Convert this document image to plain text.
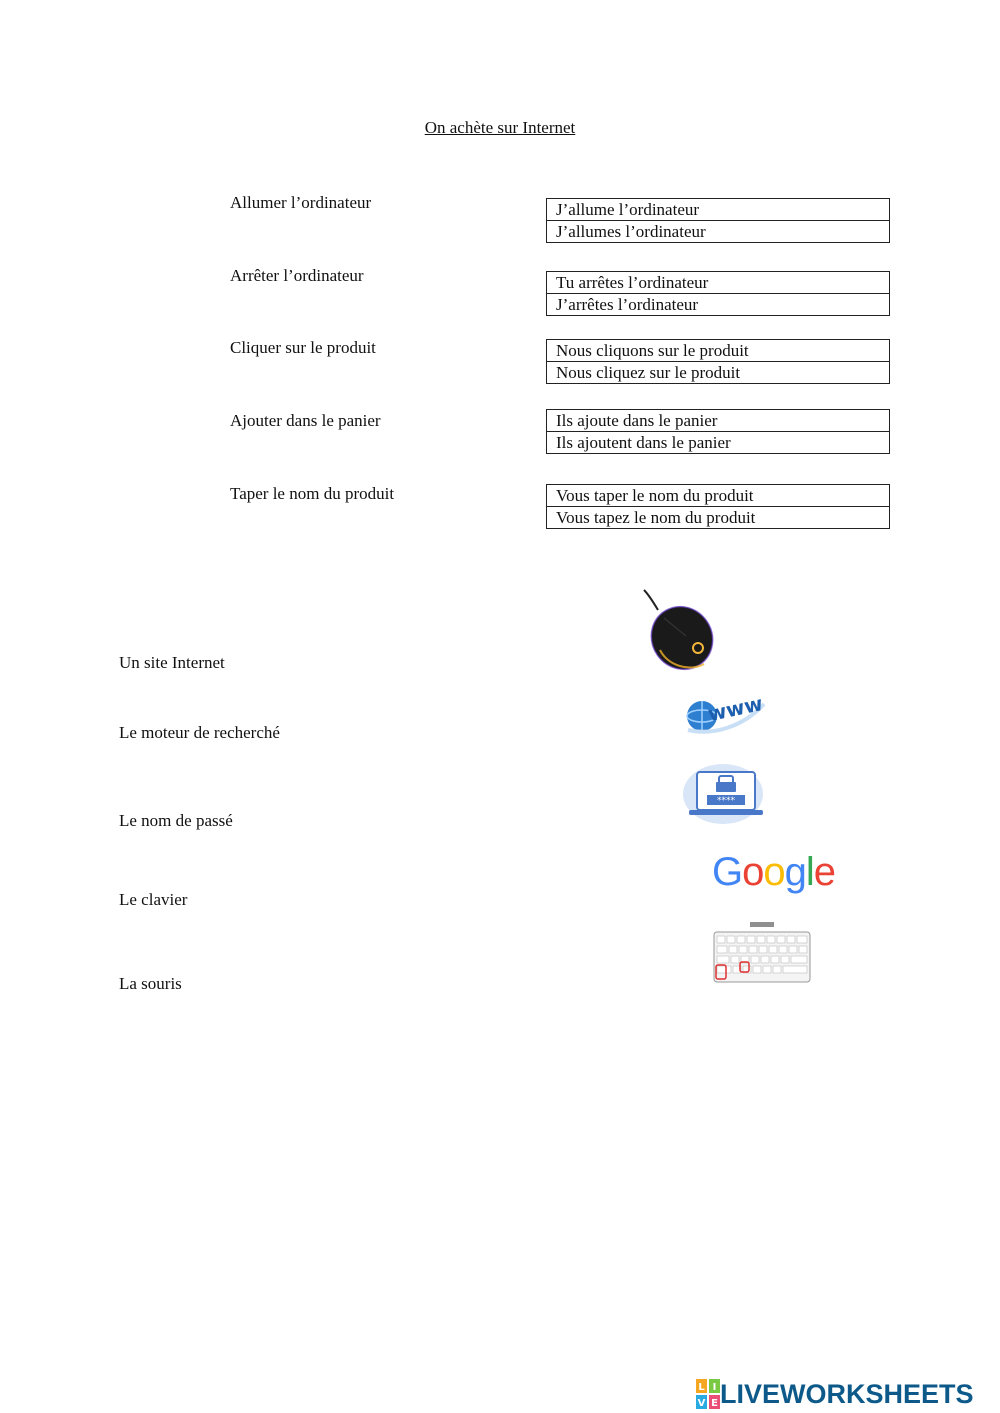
On achète sur Internet
Allumer l’ordinateur	J’allume l’ordinateur
J’allumes l’ordinateur
Arrêter l’ordinateur	Tu arrêtes l’ordinateur
J’arrêtes l’ordinateur
Cliquer sur le produit	Nous cliquons sur le produit
Nous cliquez sur le produit
Ajouter dans le panier	Ils ajoute dans le panier
Ils ajoutent dans le panier
Taper le nom du produit	Vous taper le nom du produit
Vous tapez le nom du produit
Un site Internet
Le moteur de recherché
Le nom de passé
Le clavier
La souris
www
****
Google
L I
V E LIVEWORKSHEETS
